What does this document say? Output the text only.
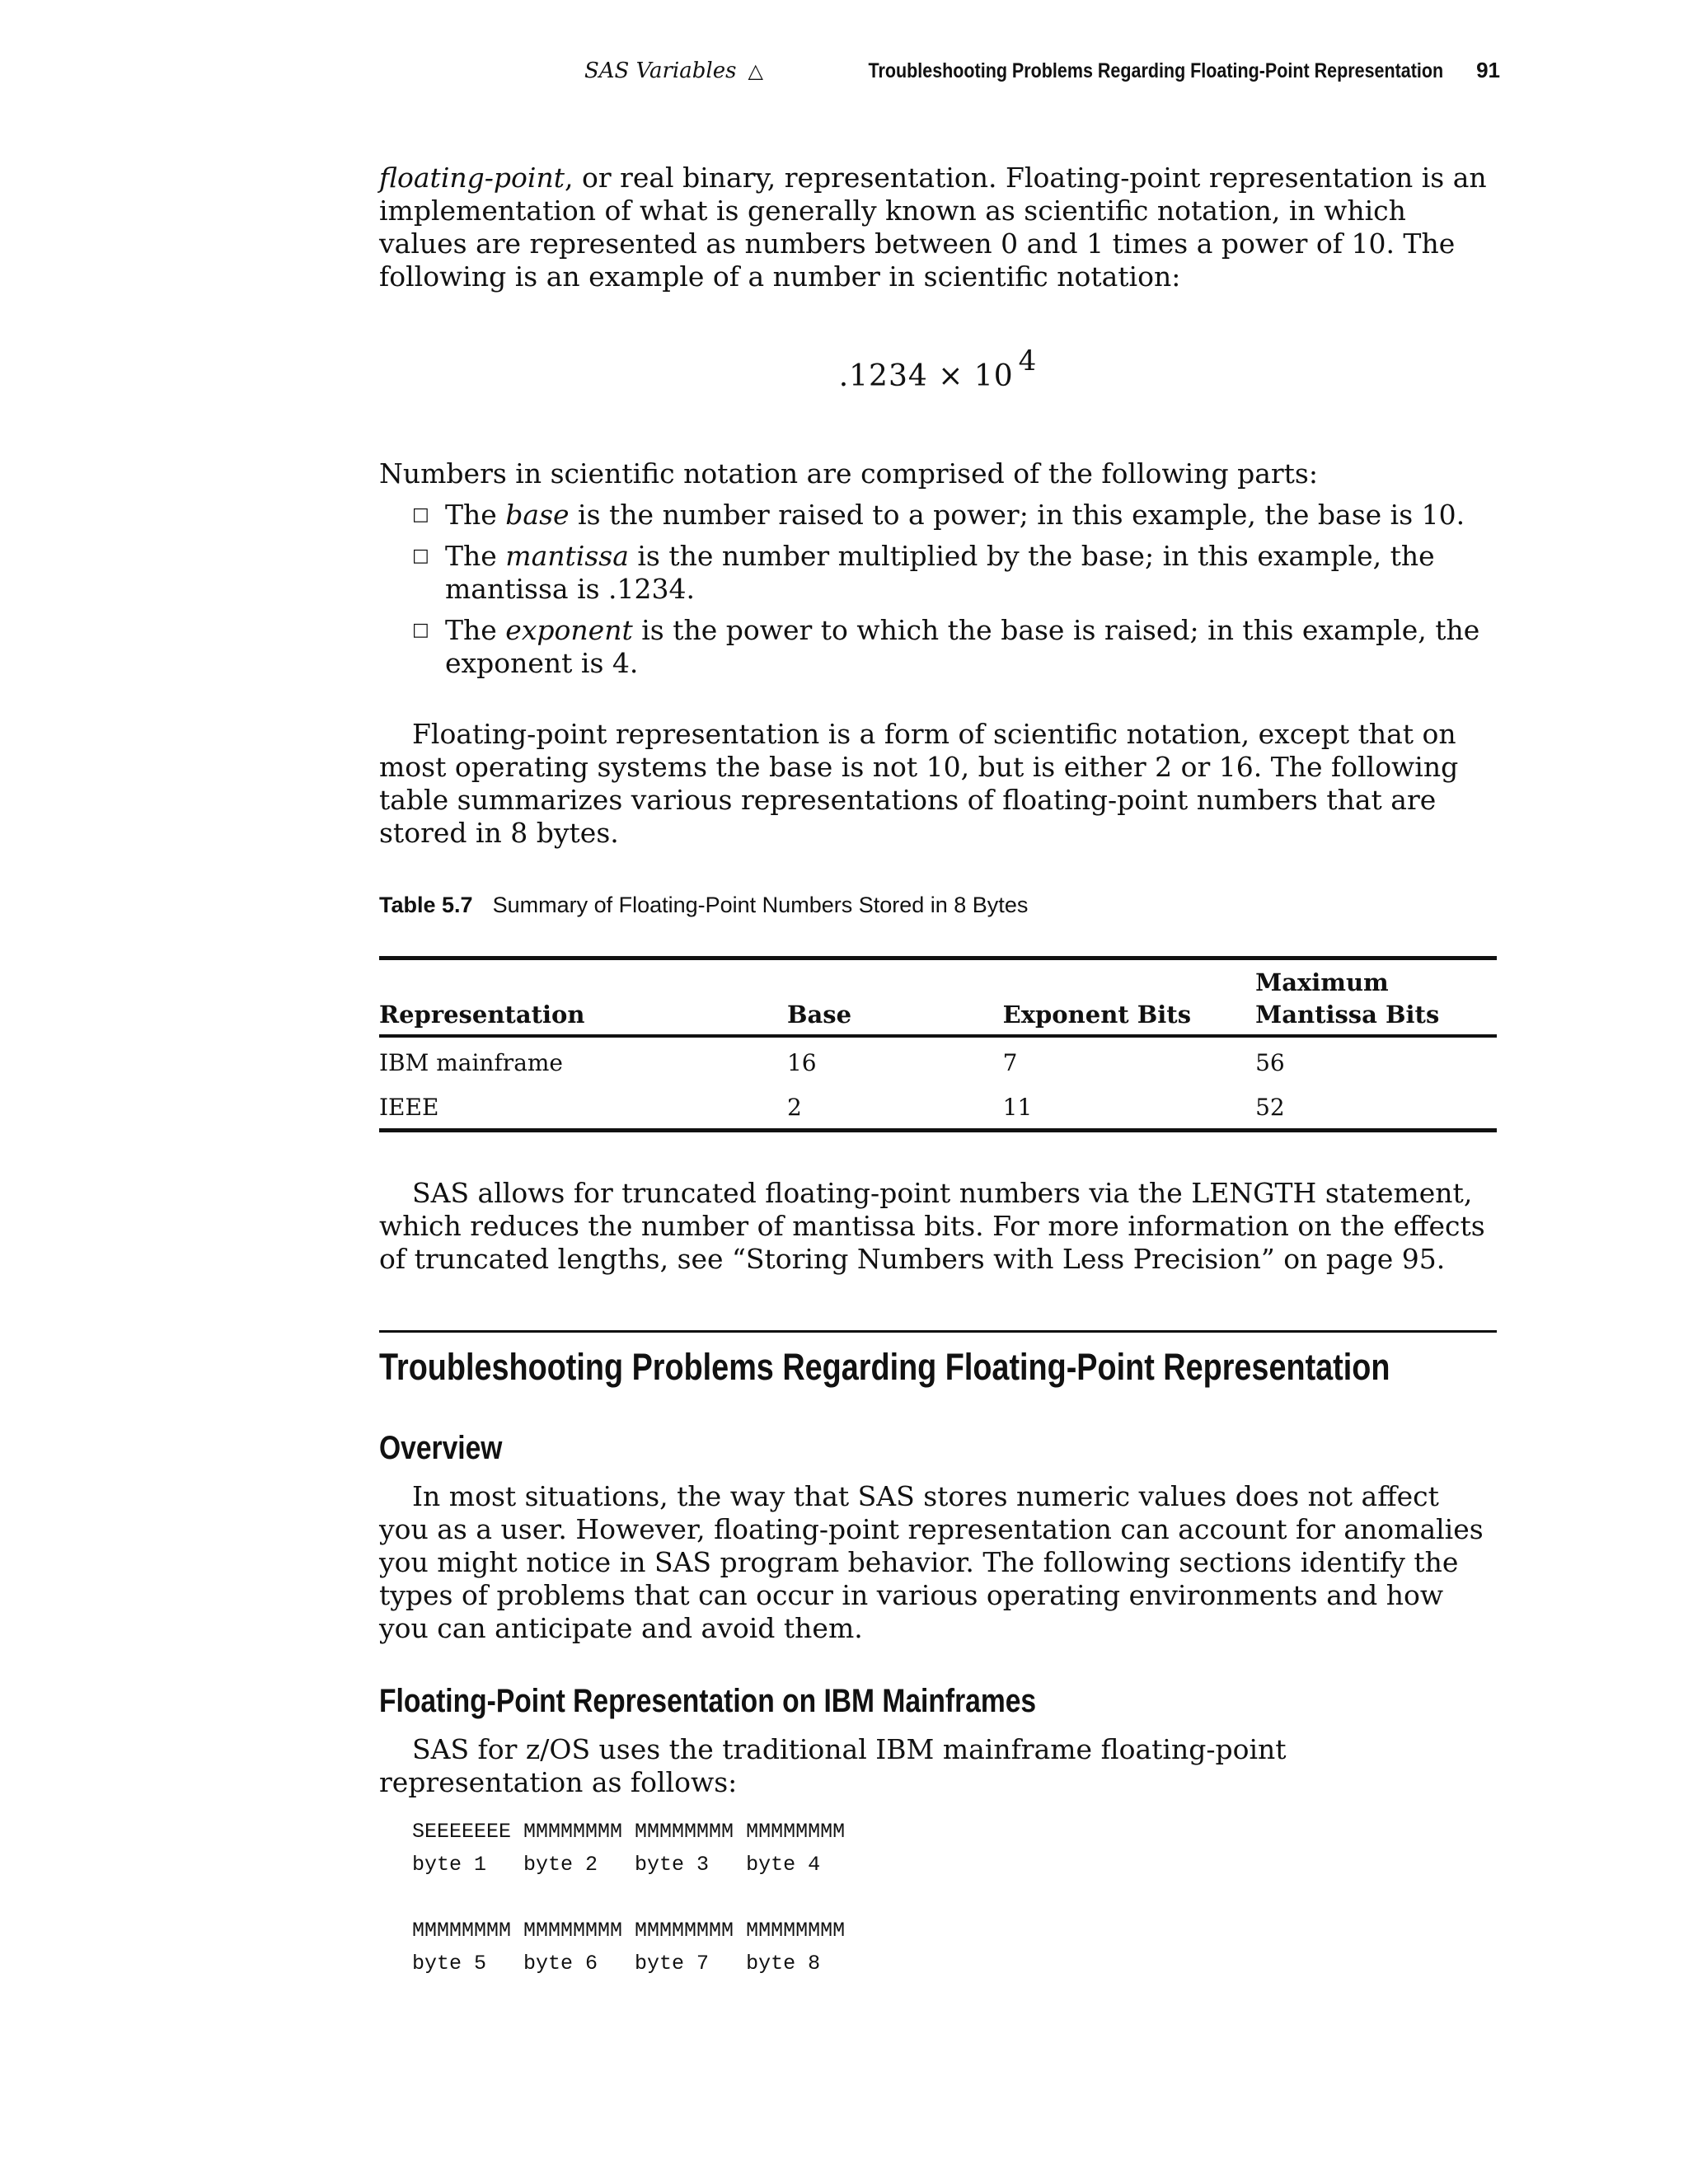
SAS Variables △	Troubleshooting Problems Regarding Floating-Point Representation 91

floating-point, or real binary, representation. Floating-point representation is an implementation of what is generally known as scientific notation, in which values are represented as numbers between 0 and 1 times a power of 10. The following is an example of a number in scientific notation:

.1234 × 10 $^4$

Numbers in scientific notation are comprised of the following parts:

□ The base is the number raised to a power; in this example, the base is 10.
□ The mantissa is the number multiplied by the base; in this example, the mantissa is .1234.
□ The exponent is the power to which the base is raised; in this example, the exponent is 4.

Floating-point representation is a form of scientific notation, except that on most operating systems the base is not 10, but is either 2 or 16. The following table summarizes various representations of floating-point numbers that are stored in 8 bytes.

Table 5.7 Summary of Floating-Point Numbers Stored in 8 Bytes
Representation	Base	Exponent Bits	Maximum
Mantissa Bits
IBM mainframe	16	7	56
IEEE	2	11	52

SAS allows for truncated floating-point numbers via the LENGTH statement, which reduces the number of mantissa bits. For more information on the effects of truncated lengths, see “Storing Numbers with Less Precision” on page 95.

Troubleshooting Problems Regarding Floating-Point Representation
Overview

In most situations, the way that SAS stores numeric values does not affect you as a user. However, floating-point representation can account for anomalies you might notice in SAS program behavior. The following sections identify the types of problems that can occur in various operating environments and how you can anticipate and avoid them.

Floating-Point Representation on IBM Mainframes

SAS for z/OS uses the traditional IBM mainframe floating-point representation as follows:

SEEEEEEE MMMMMMMM MMMMMMMM MMMMMMMM
byte 1   byte 2   byte 3   byte 4

MMMMMMMM MMMMMMMM MMMMMMMM MMMMMMMM
byte 5   byte 6   byte 7   byte 8
